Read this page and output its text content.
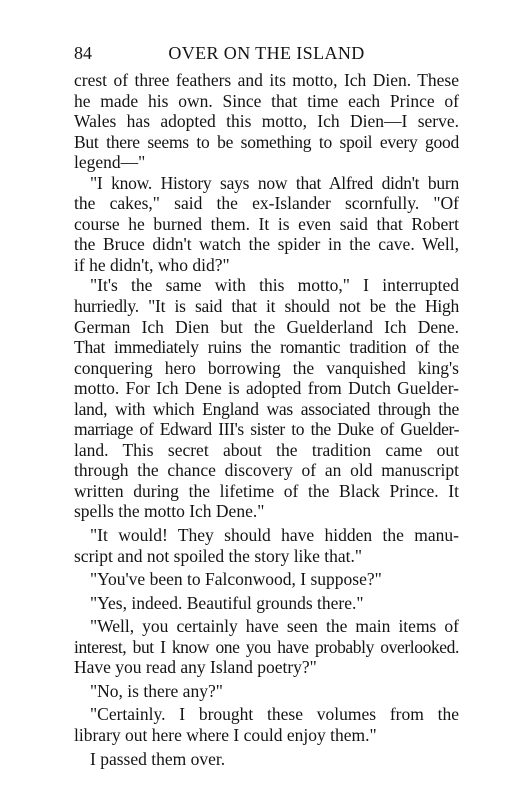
84	OVER ON THE ISLAND
crest of three feathers and its motto, Ich Dien. These
he made his own. Since that time each Prince of
Wales has adopted this motto, Ich Dien—I serve.
But there seems to be something to spoil every good
legend—"
"I know. History says now that Alfred didn't burn
the cakes," said the ex-Islander scornfully. "Of
course he burned them. It is even said that Robert
the Bruce didn't watch the spider in the cave. Well,
if he didn't, who did?"
"It's the same with this motto," I interrupted
hurriedly. "It is said that it should not be the High
German Ich Dien but the Guelderland Ich Dene.
That immediately ruins the romantic tradition of the
conquering hero borrowing the vanquished king's
motto. For Ich Dene is adopted from Dutch Guelder-
land, with which England was associated through the
marriage of Edward III's sister to the Duke of Guelder-
land. This secret about the tradition came out
through the chance discovery of an old manuscript
written during the lifetime of the Black Prince. It
spells the motto Ich Dene."
"It would! They should have hidden the manu-
script and not spoiled the story like that."
"You've been to Falconwood, I suppose?"
"Yes, indeed. Beautiful grounds there."
"Well, you certainly have seen the main items of
interest, but I know one you have probably overlooked.
Have you read any Island poetry?"
"No, is there any?"
"Certainly. I brought these volumes from the
library out here where I could enjoy them."
I passed them over.
